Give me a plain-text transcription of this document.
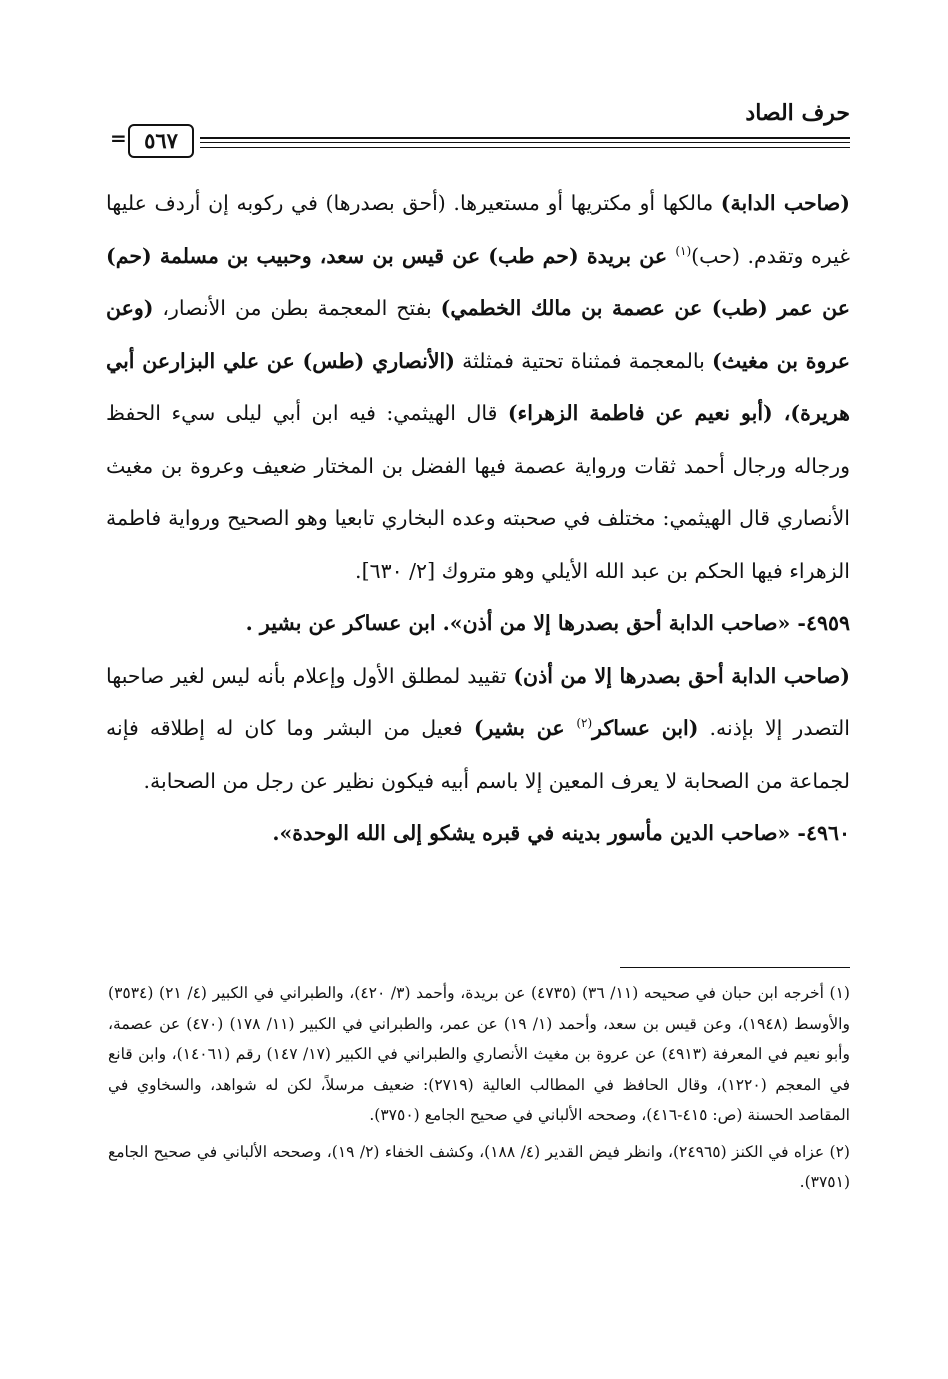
حرف الصاد
= ٥٦٧

(صاحب الدابة) مالكها أو مكتريها أو مستعيرها. (أحق بصدرها) في ركوبه إن أردف عليها غيره وتقدم. (حب)$^{(١)}$ عن بريدة (حم طب) عن قيس بن سعد، وحبيب بن مسلمة (حم) عن عمر (طب) عن عصمة بن مالك الخطمي) بفتح المعجمة بطن من الأنصار، (وعن عروة بن مغيث) بالمعجمة فمثناة تحتية فمثلثة (الأنصاري (طس) عن علي البزارعن أبي هريرة)، (أبو نعيم عن فاطمة الزهراء) قال الهيثمي: فيه ابن أبي ليلى سيء الحفظ ورجاله ورجال أحمد ثقات ورواية عصمة فيها الفضل بن المختار ضعيف وعروة بن مغيث الأنصاري قال الهيثمي: مختلف في صحبته وعده البخاري تابعيا وهو الصحيح ورواية فاطمة الزهراء فيها الحكم بن عبد الله الأيلي وهو متروك [٢/ ٦٣٠].

٤٩٥٩- «صاحب الدابة أحق بصدرها إلا من أذن». ابن عساكر عن بشير .

(صاحب الدابة أحق بصدرها إلا من أذن) تقييد لمطلق الأول وإعلام بأنه ليس لغير صاحبها التصدر إلا بإذنه. (ابن عساكر$^{(٢)}$ عن بشير) فعيل من البشر وما كان له إطلاقه فإنه لجماعة من الصحابة لا يعرف المعين إلا باسم أبيه فيكون نظير عن رجل من الصحابة.

٤٩٦٠- «صاحب الدين مأسور بدينه في قبره يشكو إلى الله الوحدة».

(١) أخرجه ابن حبان في صحيحه (١١/ ٣٦) (٤٧٣٥) عن بريدة، وأحمد (٣/ ٤٢٠)، والطبراني في الكبير (٤/ ٢١) (٣٥٣٤) والأوسط (١٩٤٨)، وعن قيس بن سعد، وأحمد (١/ ١٩) عن عمر، والطبراني في الكبير (١١/ ١٧٨) (٤٧٠) عن عصمة، وأبو نعيم في المعرفة (٤٩١٣) عن عروة بن مغيث الأنصاري والطبراني في الكبير (١٧/ ١٤٧) رقم (١٤٠٦١)، وابن قانع في المعجم (١٢٢٠)، وقال الحافظ في المطالب العالية (٢٧١٩): ضعيف مرسلاً، لكن له شواهد، والسخاوي في المقاصد الحسنة (ص: ٤١٥-٤١٦)، وصححه الألباني في صحيح الجامع (٣٧٥٠).

(٢) عزاه في الكنز (٢٤٩٦٥)، وانظر فيض القدير (٤/ ١٨٨)، وكشف الخفاء (٢/ ١٩)، وصححه الألباني في صحيح الجامع (٣٧٥١).
